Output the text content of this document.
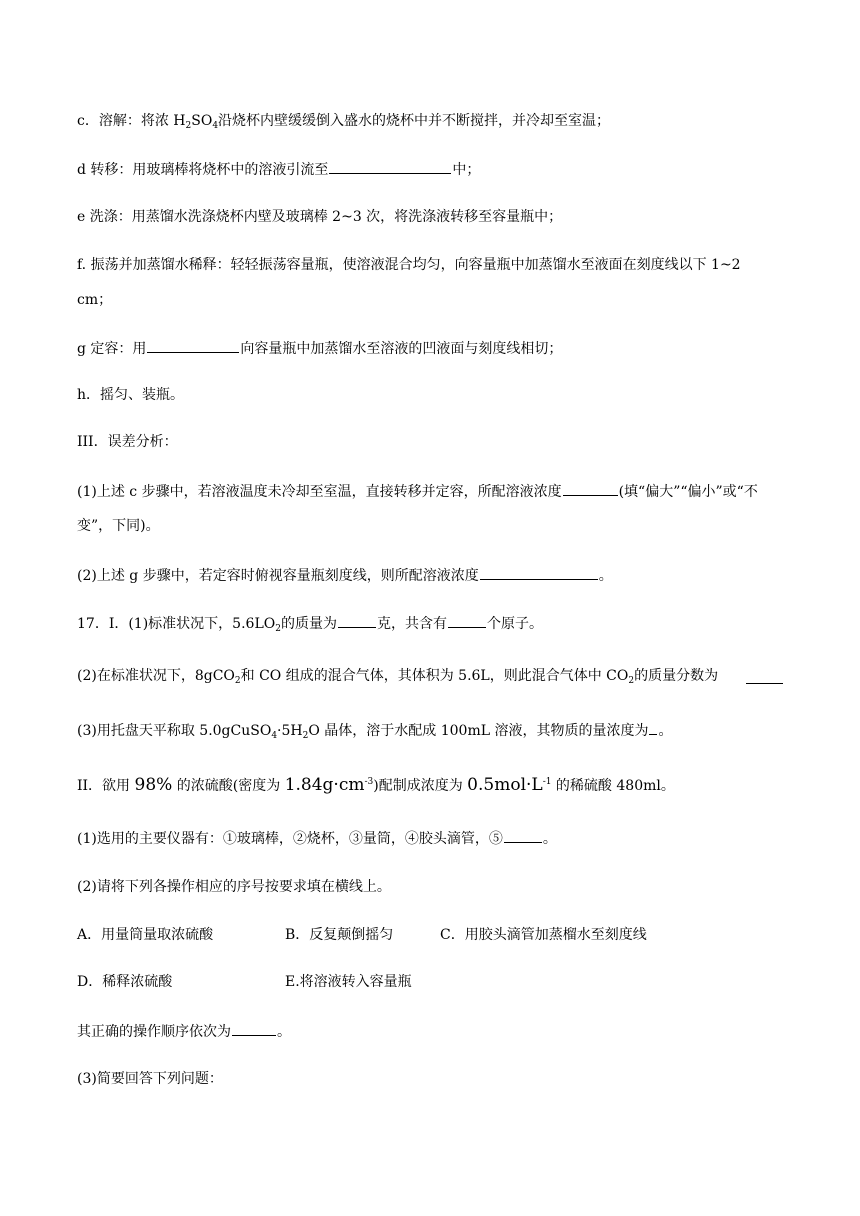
c．溶解：将浓 $H_2SO_4$沿烧杯内壁缓缓倒入盛水的烧杯中并不断搅拌，并冷却至室温；
d 转移：用玻璃棒将烧杯中的溶液引流至	中；
e 洗涤：用蒸馏水洗涤烧杯内壁及玻璃棒 2~3 次，将洗涤液转移至容量瓶中；
f. 振荡并加蒸馏水稀释：轻轻振荡容量瓶，使溶液混合均匀，向容量瓶中加蒸馏水至液面在刻度线以下 1~2
cm；
g 定容：用	向容量瓶中加蒸馏水至溶液的凹液面与刻度线相切；
h．摇匀、装瓶。
III．误差分析：
(1)上述 c 步骤中，若溶液温度未冷却至室温，直接转移并定容，所配溶液浓度	(填“偏大”“偏小”或“不
变”，下同)。
(2)上述 g 步骤中，若定容时俯视容量瓶刻度线，则所配溶液浓度	。
17．I．(1)标准状况下，$5.6LO_2$的质量为	克，共含有	个原子。
(2)在标准状况下，8gCO$_2$和 CO 组成的混合气体，其体积为 5.6L，则此混合气体中 $CO_2$的质量分数为
(3)用托盘天平称取 $5.0gCuSO_4\cdot 5H_2O$ 晶体，溶于水配成 100mL 溶液，其物质的量浓度为 。
II．欲用 98% 的浓硫酸(密度为 $1.84g\cdot cm^{-3}$)配制成浓度为 $0.5mol\cdot L^{-1}$ 的稀硫酸 480ml。
(1)选用的主要仪器有：①玻璃棒，②烧杯，③量筒，④胶头滴管，⑤	。
(2)请将下列各操作相应的序号按要求填在横线上。
A．用量筒量取浓硫酸	B．反复颠倒摇匀	C．用胶头滴管加蒸榴水至刻度线
D．稀释浓硫酸	E.将溶液转入容量瓶
其正确的操作顺序依次为	。
(3)简要回答下列问题：
